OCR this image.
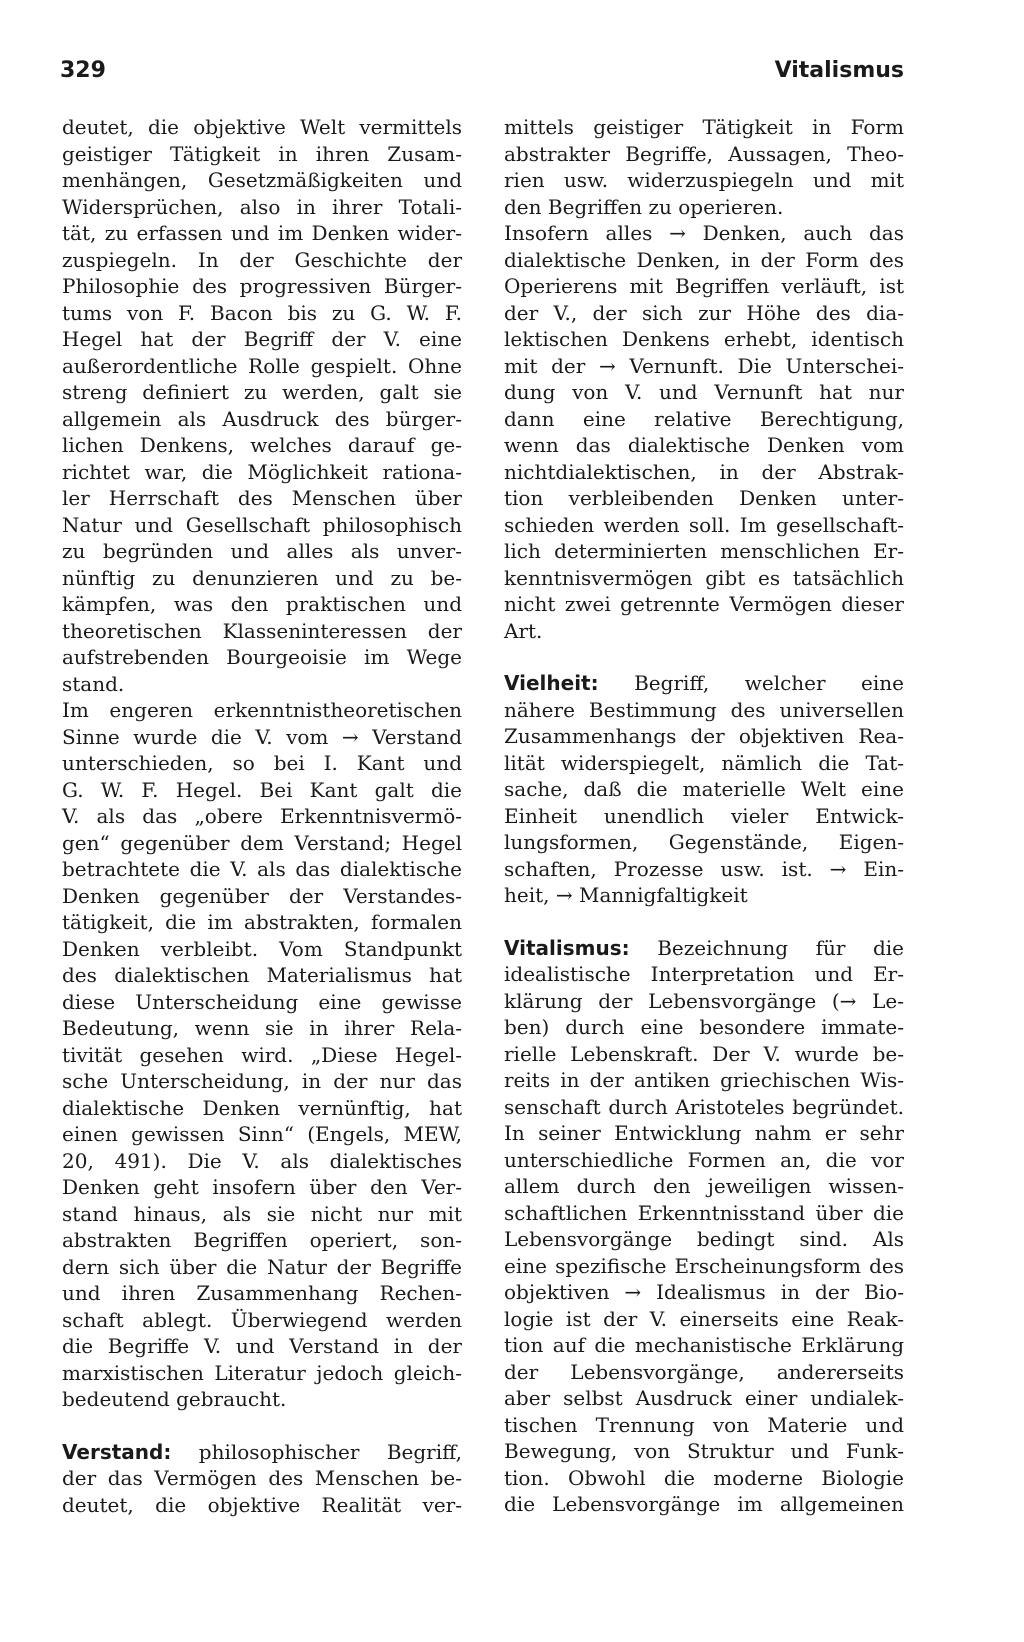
329	Vitalismus
deutet, die objektive Welt vermittels
geistiger Tätigkeit in ihren Zusam-
menhängen, Gesetzmäßigkeiten und
Widersprüchen, also in ihrer Totali-
tät, zu erfassen und im Denken wider-
zuspiegeln. In der Geschichte der
Philosophie des progressiven Bürger-
tums von F. Bacon bis zu G. W. F.
Hegel hat der Begriff der V. eine
außerordentliche Rolle gespielt. Ohne
streng definiert zu werden, galt sie
allgemein als Ausdruck des bürger-
lichen Denkens, welches darauf ge-
richtet war, die Möglichkeit rationa-
ler Herrschaft des Menschen über
Natur und Gesellschaft philosophisch
zu begründen und alles als unver-
nünftig zu denunzieren und zu be-
kämpfen, was den praktischen und
theoretischen Klasseninteressen der
aufstrebenden Bourgeoisie im Wege
stand.
Im engeren erkenntnistheoretischen
Sinne wurde die V. vom → Verstand
unterschieden, so bei I. Kant und
G. W. F. Hegel. Bei Kant galt die
V. als das „obere Erkenntnisvermö-
gen“ gegenüber dem Verstand; Hegel
betrachtete die V. als das dialektische
Denken gegenüber der Verstandes-
tätigkeit, die im abstrakten, formalen
Denken verbleibt. Vom Standpunkt
des dialektischen Materialismus hat
diese Unterscheidung eine gewisse
Bedeutung, wenn sie in ihrer Rela-
tivität gesehen wird. „Diese Hegel-
sche Unterscheidung, in der nur das
dialektische Denken vernünftig, hat
einen gewissen Sinn“ (Engels, MEW,
20, 491). Die V. als dialektisches
Denken geht insofern über den Ver-
stand hinaus, als sie nicht nur mit
abstrakten Begriffen operiert, son-
dern sich über die Natur der Begriffe
und ihren Zusammenhang Rechen-
schaft ablegt. Überwiegend werden
die Begriffe V. und Verstand in der
marxistischen Literatur jedoch gleich-
bedeutend gebraucht.
Verstand: philosophischer Begriff,
der das Vermögen des Menschen be-
deutet, die objektive Realität ver-
mittels geistiger Tätigkeit in Form
abstrakter Begriffe, Aussagen, Theo-
rien usw. widerzuspiegeln und mit
den Begriffen zu operieren.
Insofern alles → Denken, auch das
dialektische Denken, in der Form des
Operierens mit Begriffen verläuft, ist
der V., der sich zur Höhe des dia-
lektischen Denkens erhebt, identisch
mit der → Vernunft. Die Unterschei-
dung von V. und Vernunft hat nur
dann eine relative Berechtigung,
wenn das dialektische Denken vom
nichtdialektischen, in der Abstrak-
tion verbleibenden Denken unter-
schieden werden soll. Im gesellschaft-
lich determinierten menschlichen Er-
kenntnisvermögen gibt es tatsächlich
nicht zwei getrennte Vermögen dieser
Art.
Vielheit: Begriff, welcher eine
nähere Bestimmung des universellen
Zusammenhangs der objektiven Rea-
lität widerspiegelt, nämlich die Tat-
sache, daß die materielle Welt eine
Einheit unendlich vieler Entwick-
lungsformen, Gegenstände, Eigen-
schaften, Prozesse usw. ist. → Ein-
heit, → Mannigfaltigkeit
Vitalismus: Bezeichnung für die
idealistische Interpretation und Er-
klärung der Lebensvorgänge (→ Le-
ben) durch eine besondere immate-
rielle Lebenskraft. Der V. wurde be-
reits in der antiken griechischen Wis-
senschaft durch Aristoteles begründet.
In seiner Entwicklung nahm er sehr
unterschiedliche Formen an, die vor
allem durch den jeweiligen wissen-
schaftlichen Erkenntnisstand über die
Lebensvorgänge bedingt sind. Als
eine spezifische Erscheinungsform des
objektiven → Idealismus in der Bio-
logie ist der V. einerseits eine Reak-
tion auf die mechanistische Erklärung
der Lebensvorgänge, andererseits
aber selbst Ausdruck einer undialek-
tischen Trennung von Materie und
Bewegung, von Struktur und Funk-
tion. Obwohl die moderne Biologie
die Lebensvorgänge im allgemeinen
